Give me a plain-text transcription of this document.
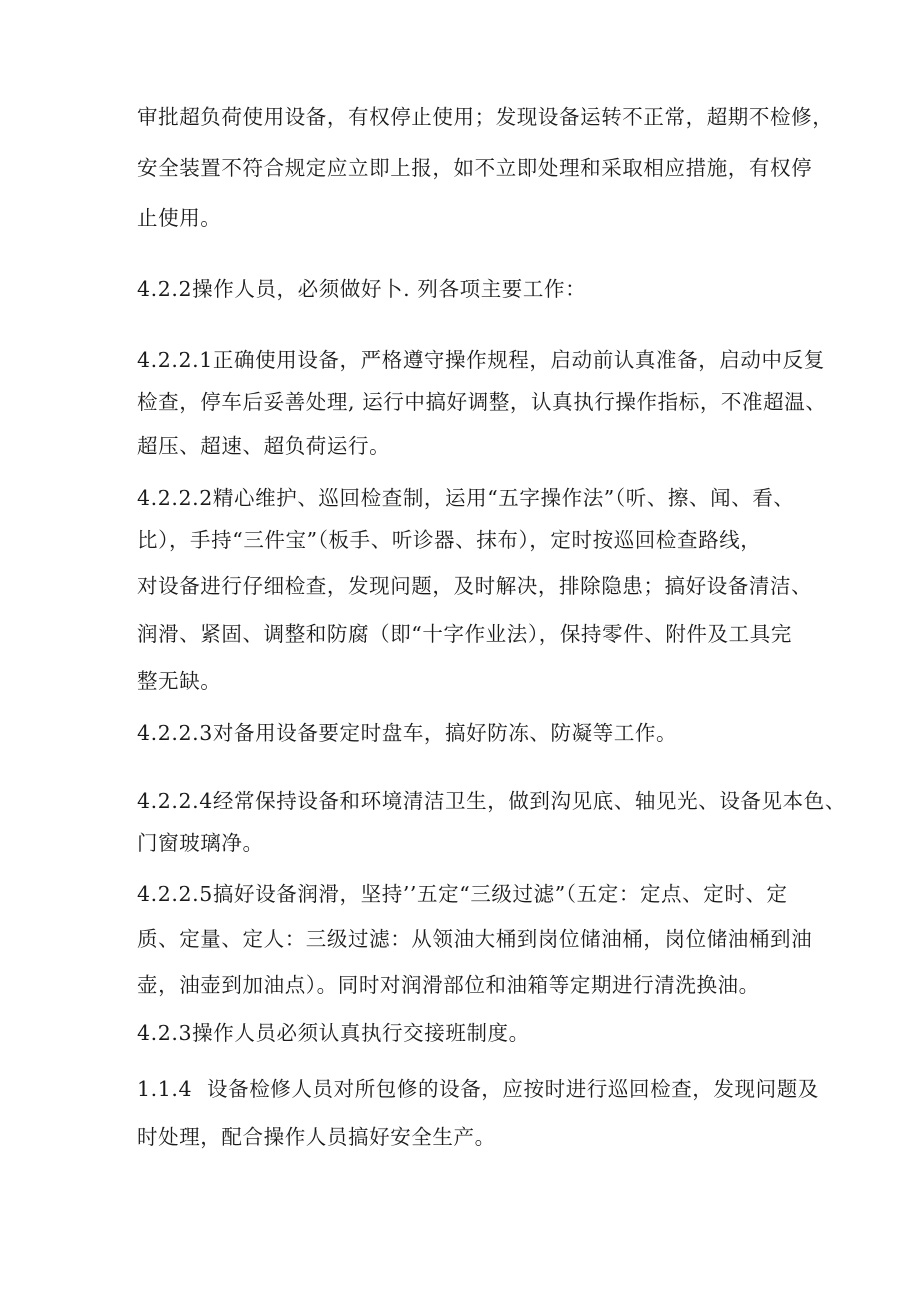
审批超负荷使用设备，有权停止使用；发现设备运转不正常，超期不检修，
安全装置不符合规定应立即上报，如不立即处理和采取相应措施，有权停
止使用。
4.2.2操作人员，必须做好卜. 列各项主要工作：
4.2.2.1正确使用设备，严格遵守操作规程，启动前认真准备，启动中反复
检查，停车后妥善处理, 运行中搞好调整，认真执行操作指标，不准超温、
超压、超速、超负荷运行。
4.2.2.2精心维护、巡回检查制，运用“五字操作法”（听、擦、闻、看、
比），手持“三件宝”（板手、听诊器、抹布），定时按巡回检查路线，
对设备进行仔细检查，发现问题，及时解决，排除隐患；搞好设备清洁、
润滑、紧固、调整和防腐（即“十字作业法），保持零件、附件及工具完
整无缺。
4.2.2.3对备用设备要定时盘车，搞好防冻、防凝等工作。
4.2.2.4经常保持设备和环境清洁卫生，做到沟见底、轴见光、设备见本色、
门窗玻璃净。
4.2.2.5搞好设备润滑，坚持’’五定“三级过滤”（五定：定点、定时、定
质、定量、定人：三级过滤：从领油大桶到岗位储油桶，岗位储油桶到油
壶，油壶到加油点）。同时对润滑部位和油箱等定期进行清洗换油。
4.2.3操作人员必须认真执行交接班制度。
1.1.4 设备检修人员对所包修的设备，应按时进行巡回检查，发现问题及
时处理，配合操作人员搞好安全生产。
